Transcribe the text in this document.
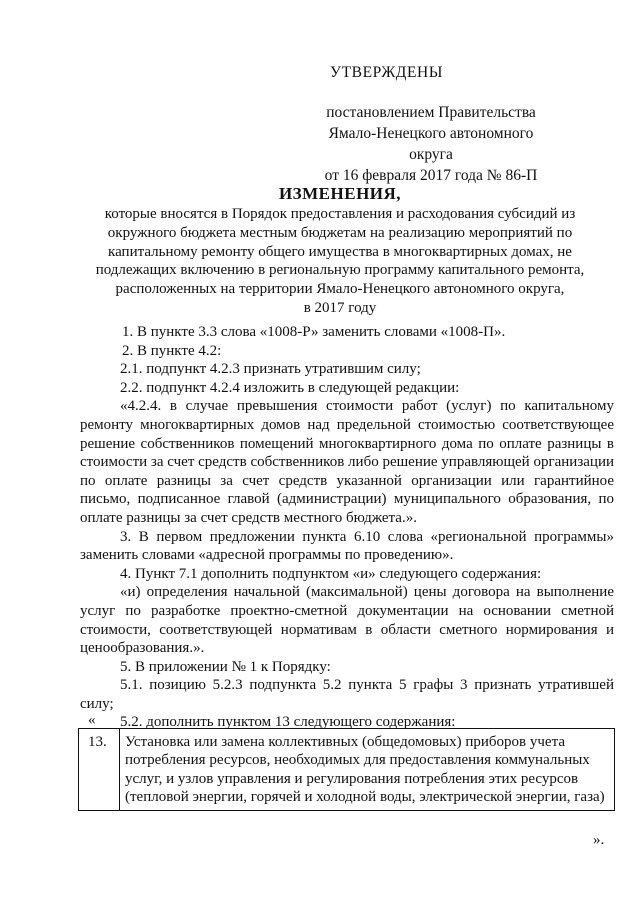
УТВЕРЖДЕНЫ
постановлением Правительства
Ямало-Ненецкого автономного округа
от 16 февраля 2017 года № 86-П
ИЗМЕНЕНИЯ,
которые вносятся в Порядок предоставления и расходования субсидий из
окружного бюджета местным бюджетам на реализацию мероприятий по
капитальному ремонту общего имущества в многоквартирных домах, не
подлежащих включению в региональную программу капитального ремонта,
расположенных на территории Ямало-Ненецкого автономного округа,
в 2017 году

1. В пункте 3.3 слова «1008-Р» заменить словами «1008-П».

2. В пункте 4.2:

2.1. подпункт 4.2.3 признать утратившим силу;

2.2. подпункт 4.2.4 изложить в следующей редакции:

«4.2.4. в случае превышения стоимости работ (услуг) по капитальному ремонту многоквартирных домов над предельной стоимостью соответствующее решение собственников помещений многоквартирного дома по оплате разницы в стоимости за счет средств собственников либо решение управляющей организации по оплате разницы за счет средств указанной организации или гарантийное письмо, подписанное главой (администрации) муниципального образования, по оплате разницы за счет средств местного бюджета.».

3. В первом предложении пункта 6.10 слова «региональной программы» заменить словами «адресной программы по проведению».

4. Пункт 7.1 дополнить подпунктом «и» следующего содержания:

«и) определения начальной (максимальной) цены договора на выполнение услуг по разработке проектно-сметной документации на основании сметной стоимости, соответствующей нормативам в области сметного нормирования и ценообразования.».

5. В приложении № 1 к Порядку:

5.1. позицию 5.2.3 подпункта 5.2 пункта 5 графы 3 признать утратившей силу;

5.2. дополнить пунктом 13 следующего содержания:

«
13.	Установка или замена коллективных (общедомовых) приборов учета потребления ресурсов, необходимых для предоставления коммунальных услуг, и узлов управления и регулирования потребления этих ресурсов (тепловой энергии, горячей и холодной воды, электрической энергии, газа)
».
